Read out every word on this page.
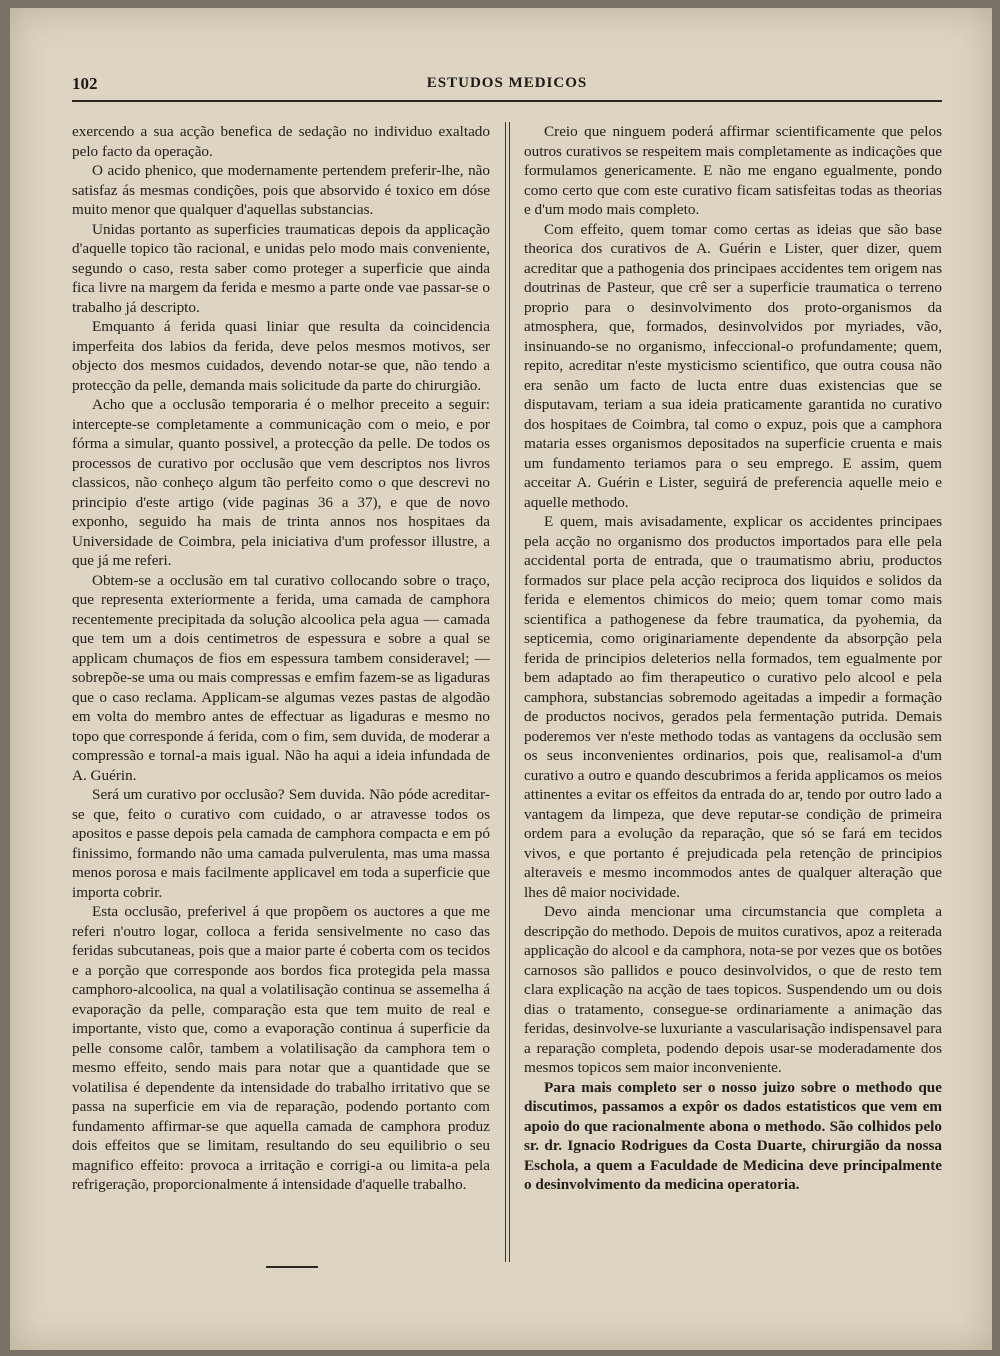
102	ESTUDOS MEDICOS

exercendo a sua acção benefica de sedação no individuo exaltado pelo facto da operação.

O acido phenico, que modernamente pertendem preferir-lhe, não satisfaz ás mesmas condições, pois que absorvido é toxico em dóse muito menor que qualquer d'aquellas substancias.

Unidas portanto as superficies traumaticas depois da applicação d'aquelle topico tão racional, e unidas pelo modo mais conveniente, segundo o caso, resta saber como proteger a superficie que ainda fica livre na margem da ferida e mesmo a parte onde vae passar-se o trabalho já descripto.

Emquanto á ferida quasi liniar que resulta da coincidencia imperfeita dos labios da ferida, deve pelos mesmos motivos, ser objecto dos mesmos cuidados, devendo notar-se que, não tendo a protecção da pelle, demanda mais solicitude da parte do chirurgião.

Acho que a occlusão temporaria é o melhor preceito a seguir: intercepte-se completamente a communicação com o meio, e por fórma a simular, quanto possivel, a protecção da pelle. De todos os processos de curativo por occlusão que vem descriptos nos livros classicos, não conheço algum tão perfeito como o que descrevi no principio d'este artigo (vide paginas 36 a 37), e que de novo exponho, seguido ha mais de trinta annos nos hospitaes da Universidade de Coimbra, pela iniciativa d'um professor illustre, a que já me referi.

Obtem-se a occlusão em tal curativo collocando sobre o traço, que representa exteriormente a ferida, uma camada de camphora recentemente precipitada da solução alcoolica pela agua — camada que tem um a dois centimetros de espessura e sobre a qual se applicam chumaços de fios em espessura tambem consideravel; — sobrepõe-se uma ou mais compressas e emfim fazem-se as ligaduras que o caso reclama. Applicam-se algumas vezes pastas de algodão em volta do membro antes de effectuar as ligaduras e mesmo no topo que corresponde á ferida, com o fim, sem duvida, de moderar a compressão e tornal-a mais igual. Não ha aqui a ideia infundada de A. Guérin.

Será um curativo por occlusão? Sem duvida. Não póde acreditar-se que, feito o curativo com cuidado, o ar atravesse todos os apositos e passe depois pela camada de camphora compacta e em pó finissimo, formando não uma camada pulverulenta, mas uma massa menos porosa e mais facilmente applicavel em toda a superficie que importa cobrir.

Esta occlusão, preferivel á que propõem os auctores a que me referi n'outro logar, colloca a ferida sensivelmente no caso das feridas subcutaneas, pois que a maior parte é coberta com os tecidos e a porção que corresponde aos bordos fica protegida pela massa camphoro-alcoolica, na qual a volatilisação continua se assemelha á evaporação da pelle, comparação esta que tem muito de real e importante, visto que, como a evaporação continua á superficie da pelle consome calôr, tambem a volatilisação da camphora tem o mesmo effeito, sendo mais para notar que a quantidade que se volatilisa é dependente da intensidade do trabalho irritativo que se passa na superficie em via de reparação, podendo portanto com fundamento affirmar-se que aquella camada de camphora produz dois effeitos que se limitam, resultando do seu equilibrio o seu magnifico effeito: provoca a irritação e corrigi-a ou limita-a pela refrigeração, proporcionalmente á intensidade d'aquelle trabalho.

Creio que ninguem poderá affirmar scientificamente que pelos outros curativos se respeitem mais completamente as indicações que formulamos genericamente. E não me engano egualmente, pondo como certo que com este curativo ficam satisfeitas todas as theorias e d'um modo mais completo.

Com effeito, quem tomar como certas as ideias que são base theorica dos curativos de A. Guérin e Lister, quer dizer, quem acreditar que a pathogenia dos principaes accidentes tem origem nas doutrinas de Pasteur, que crê ser a superficie traumatica o terreno proprio para o desinvolvimento dos proto-organismos da atmosphera, que, formados, desinvolvidos por myriades, vão, insinuando-se no organismo, infeccional-o profundamente; quem, repito, acreditar n'este mysticismo scientifico, que outra cousa não era senão um facto de lucta entre duas existencias que se disputavam, teriam a sua ideia praticamente garantida no curativo dos hospitaes de Coimbra, tal como o expuz, pois que a camphora mataria esses organismos depositados na superficie cruenta e mais um fundamento teriamos para o seu emprego. E assim, quem acceitar A. Guérin e Lister, seguirá de preferencia aquelle meio e aquelle methodo.

E quem, mais avisadamente, explicar os accidentes principaes pela acção no organismo dos productos importados para elle pela accidental porta de entrada, que o traumatismo abriu, productos formados sur place pela acção reciproca dos liquidos e solidos da ferida e elementos chimicos do meio; quem tomar como mais scientifica a pathogenese da febre traumatica, da pyohemia, da septicemia, como originariamente dependente da absorpção pela ferida de principios deleterios nella formados, tem egualmente por bem adaptado ao fim therapeutico o curativo pelo alcool e pela camphora, substancias sobremodo ageitadas a impedir a formação de productos nocivos, gerados pela fermentação putrida. Demais poderemos ver n'este methodo todas as vantagens da occlusão sem os seus inconvenientes ordinarios, pois que, realisamol-a d'um curativo a outro e quando descubrimos a ferida applicamos os meios attinentes a evitar os effeitos da entrada do ar, tendo por outro lado a vantagem da limpeza, que deve reputar-se condição de primeira ordem para a evolução da reparação, que só se fará em tecidos vivos, e que portanto é prejudicada pela retenção de principios alteraveis e mesmo incommodos antes de qualquer alteração que lhes dê maior nocividade.

Devo ainda mencionar uma circumstancia que completa a descripção do methodo. Depois de muitos curativos, apoz a reiterada applicação do alcool e da camphora, nota-se por vezes que os botões carnosos são pallidos e pouco desinvolvidos, o que de resto tem clara explicação na acção de taes topicos. Suspendendo um ou dois dias o tratamento, consegue-se ordinariamente a animação das feridas, desinvolve-se luxuriante a vascularisação indispensavel para a reparação completa, podendo depois usar-se moderadamente dos mesmos topicos sem maior inconveniente.

Para mais completo ser o nosso juizo sobre o methodo que discutimos, passamos a expôr os dados estatisticos que vem em apoio do que racionalmente abona o methodo. São colhidos pelo sr. dr. Ignacio Rodrigues da Costa Duarte, chirurgião da nossa Eschola, a quem a Faculdade de Medicina deve principalmente o desinvolvimento da medicina operatoria.
